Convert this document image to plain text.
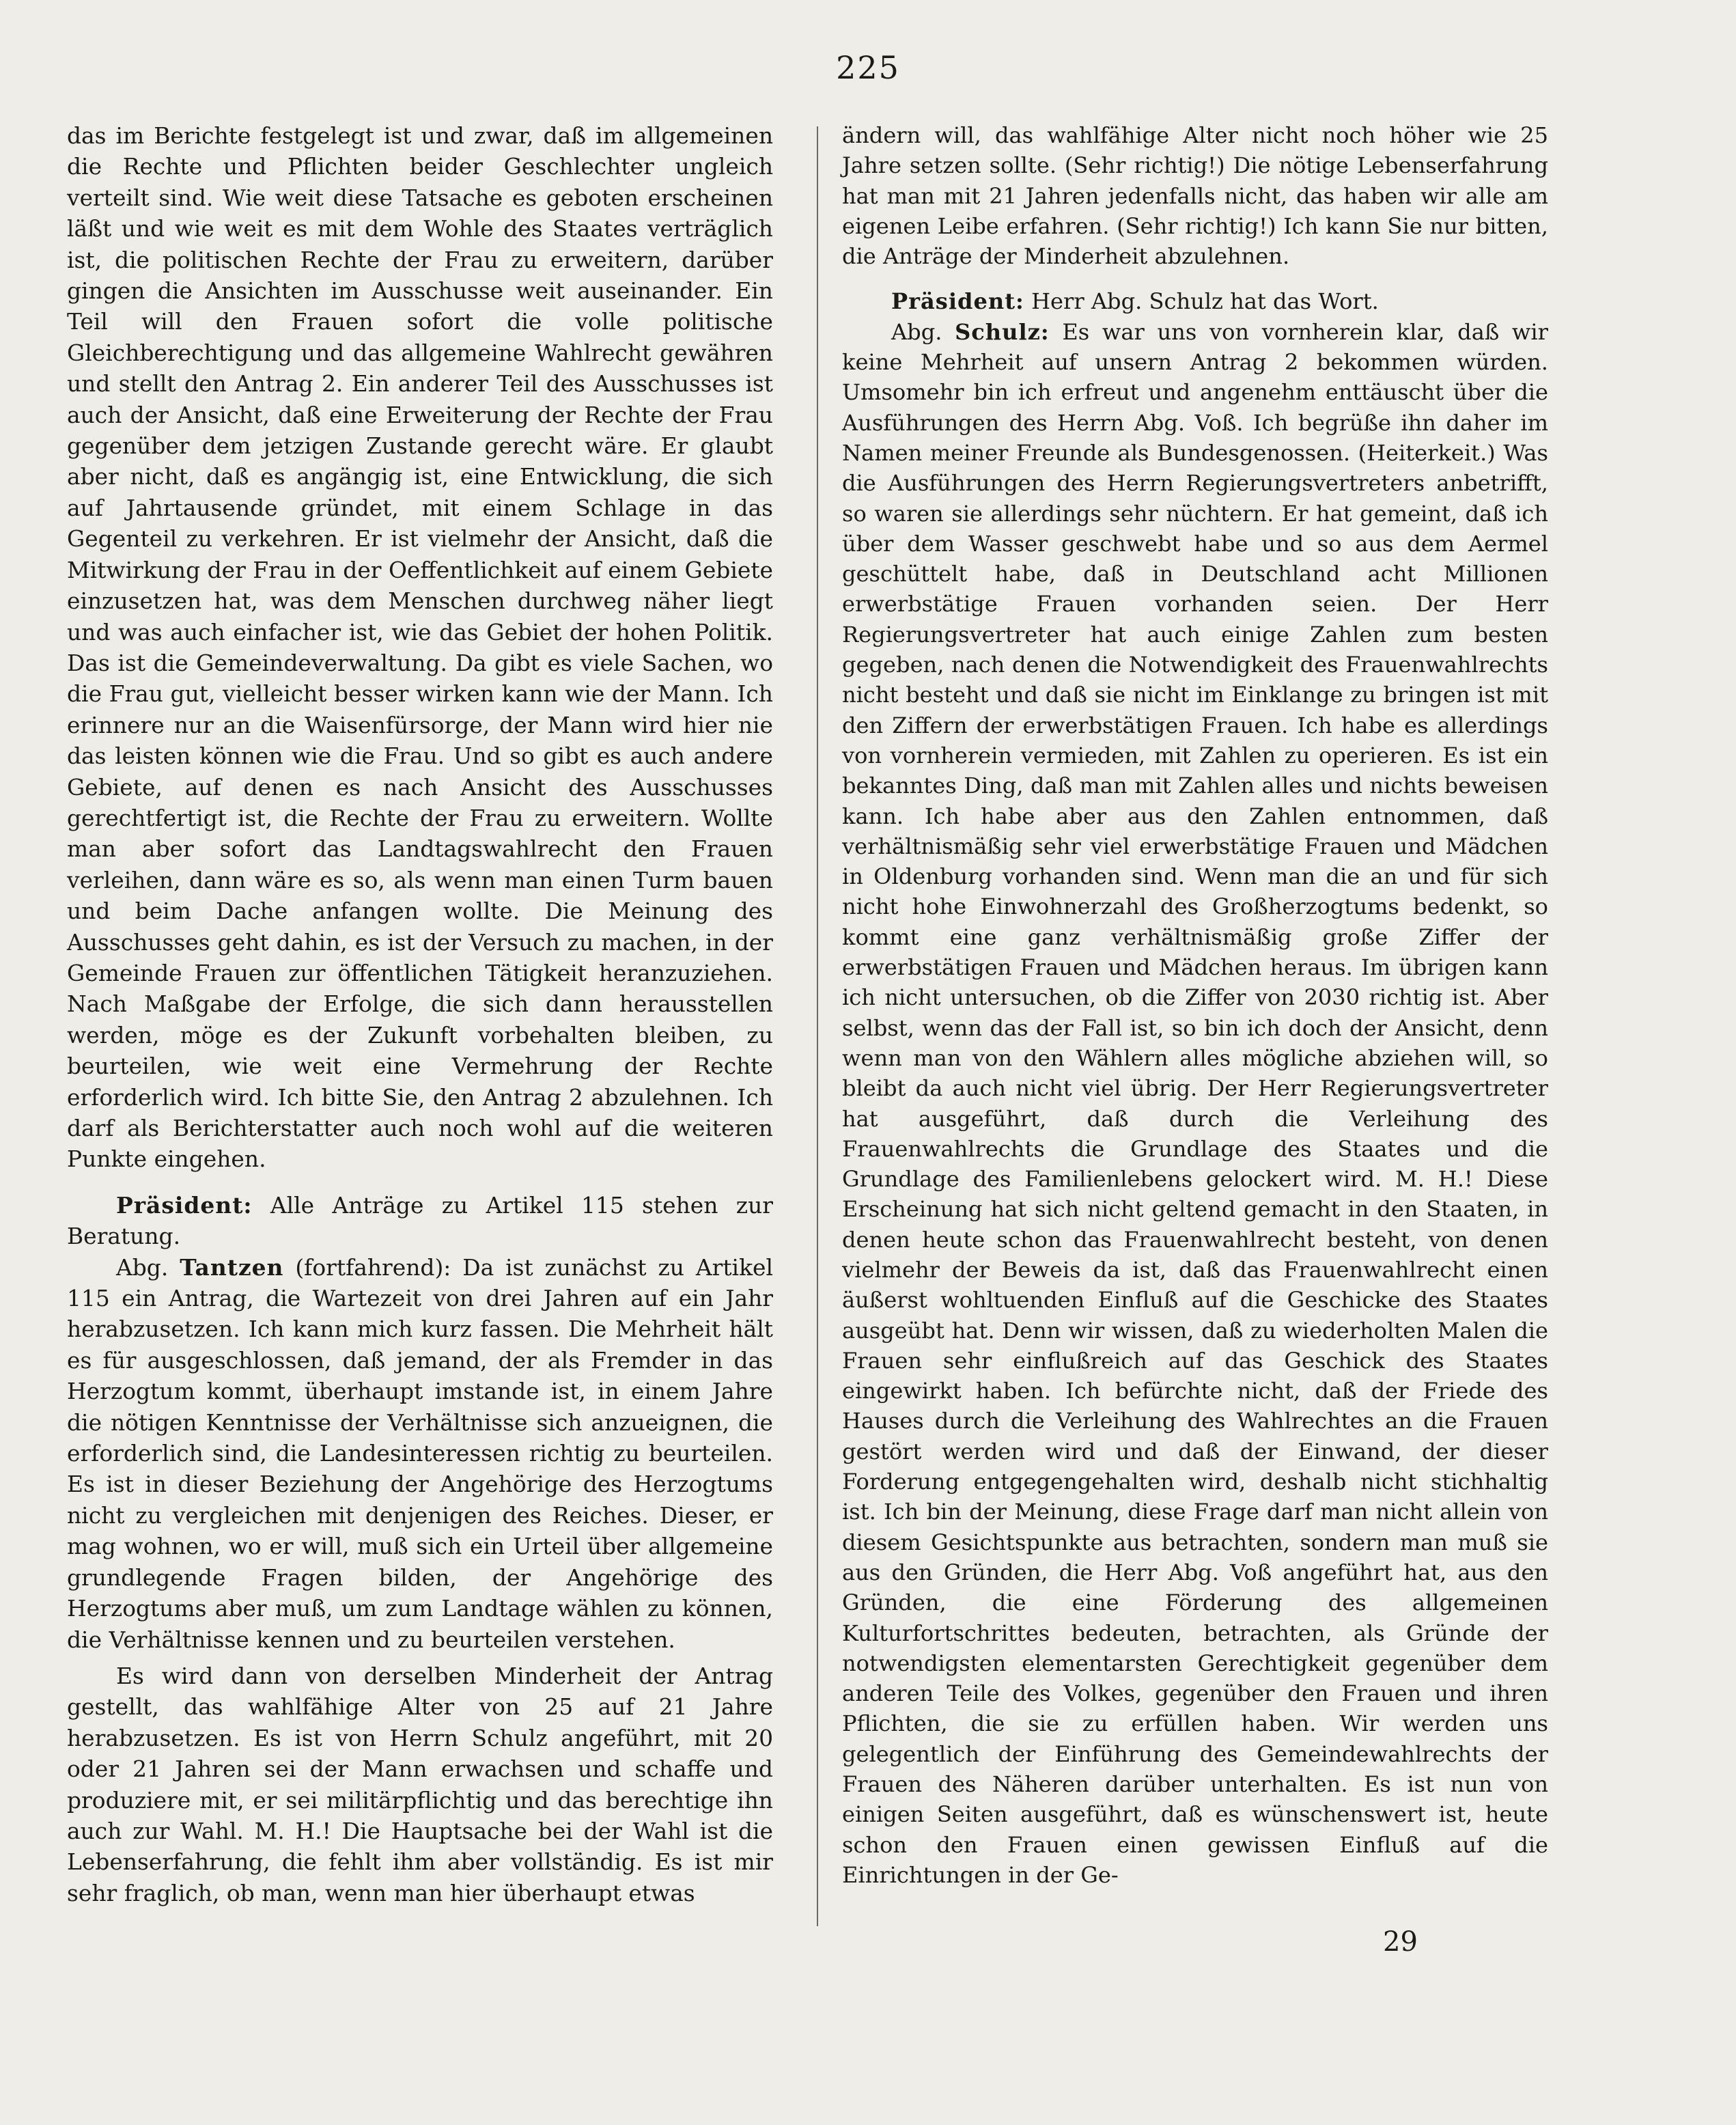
225

das im Berichte festgelegt ist und zwar, daß im allgemeinen die Rechte und Pflichten beider Geschlechter ungleich verteilt sind. Wie weit diese Tatsache es geboten erscheinen läßt und wie weit es mit dem Wohle des Staates verträglich ist, die politischen Rechte der Frau zu erweitern, darüber gingen die Ansichten im Ausschusse weit auseinander. Ein Teil will den Frauen sofort die volle politische Gleichberechtigung und das allgemeine Wahlrecht gewähren und stellt den Antrag 2. Ein anderer Teil des Ausschusses ist auch der Ansicht, daß eine Erweiterung der Rechte der Frau gegenüber dem jetzigen Zustande gerecht wäre. Er glaubt aber nicht, daß es angängig ist, eine Entwicklung, die sich auf Jahrtausende gründet, mit einem Schlage in das Gegenteil zu verkehren. Er ist vielmehr der Ansicht, daß die Mitwirkung der Frau in der Oeffentlichkeit auf einem Gebiete einzusetzen hat, was dem Menschen durchweg näher liegt und was auch einfacher ist, wie das Gebiet der hohen Politik. Das ist die Gemeindeverwaltung. Da gibt es viele Sachen, wo die Frau gut, vielleicht besser wirken kann wie der Mann. Ich erinnere nur an die Waisenfürsorge, der Mann wird hier nie das leisten können wie die Frau. Und so gibt es auch andere Gebiete, auf denen es nach Ansicht des Ausschusses gerechtfertigt ist, die Rechte der Frau zu erweitern. Wollte man aber sofort das Landtagswahlrecht den Frauen verleihen, dann wäre es so, als wenn man einen Turm bauen und beim Dache anfangen wollte. Die Meinung des Ausschusses geht dahin, es ist der Versuch zu machen, in der Gemeinde Frauen zur öffentlichen Tätigkeit heranzuziehen. Nach Maßgabe der Erfolge, die sich dann herausstellen werden, möge es der Zukunft vorbehalten bleiben, zu beurteilen, wie weit eine Vermehrung der Rechte erforderlich wird. Ich bitte Sie, den Antrag 2 abzulehnen. Ich darf als Berichterstatter auch noch wohl auf die weiteren Punkte eingehen.

Präsident: Alle Anträge zu Artikel 115 stehen zur Beratung.

Abg. Tantzen (fortfahrend): Da ist zunächst zu Artikel 115 ein Antrag, die Wartezeit von drei Jahren auf ein Jahr herabzusetzen. Ich kann mich kurz fassen. Die Mehrheit hält es für ausgeschlossen, daß jemand, der als Fremder in das Herzogtum kommt, überhaupt imstande ist, in einem Jahre die nötigen Kenntnisse der Verhältnisse sich anzueignen, die erforderlich sind, die Landesinteressen richtig zu beurteilen. Es ist in dieser Beziehung der Angehörige des Herzogtums nicht zu vergleichen mit denjenigen des Reiches. Dieser, er mag wohnen, wo er will, muß sich ein Urteil über allgemeine grundlegende Fragen bilden, der Angehörige des Herzogtums aber muß, um zum Landtage wählen zu können, die Verhältnisse kennen und zu beurteilen verstehen.

Es wird dann von derselben Minderheit der Antrag gestellt, das wahlfähige Alter von 25 auf 21 Jahre herabzusetzen. Es ist von Herrn Schulz angeführt, mit 20 oder 21 Jahren sei der Mann erwachsen und schaffe und produziere mit, er sei militärpflichtig und das berechtige ihn auch zur Wahl. M. H.! Die Hauptsache bei der Wahl ist die Lebenserfahrung, die fehlt ihm aber vollständig. Es ist mir sehr fraglich, ob man, wenn man hier überhaupt etwas

ändern will, das wahlfähige Alter nicht noch höher wie 25 Jahre setzen sollte. (Sehr richtig!) Die nötige Lebenserfahrung hat man mit 21 Jahren jedenfalls nicht, das haben wir alle am eigenen Leibe erfahren. (Sehr richtig!) Ich kann Sie nur bitten, die Anträge der Minderheit abzulehnen.

Präsident: Herr Abg. Schulz hat das Wort.

Abg. Schulz: Es war uns von vornherein klar, daß wir keine Mehrheit auf unsern Antrag 2 bekommen würden. Umsomehr bin ich erfreut und angenehm enttäuscht über die Ausführungen des Herrn Abg. Voß. Ich begrüße ihn daher im Namen meiner Freunde als Bundesgenossen. (Heiterkeit.) Was die Ausführungen des Herrn Regierungsvertreters anbetrifft, so waren sie allerdings sehr nüchtern. Er hat gemeint, daß ich über dem Wasser geschwebt habe und so aus dem Aermel geschüttelt habe, daß in Deutschland acht Millionen erwerbstätige Frauen vorhanden seien. Der Herr Regierungsvertreter hat auch einige Zahlen zum besten gegeben, nach denen die Notwendigkeit des Frauenwahlrechts nicht besteht und daß sie nicht im Einklange zu bringen ist mit den Ziffern der erwerbstätigen Frauen. Ich habe es allerdings von vornherein vermieden, mit Zahlen zu operieren. Es ist ein bekanntes Ding, daß man mit Zahlen alles und nichts beweisen kann. Ich habe aber aus den Zahlen entnommen, daß verhältnismäßig sehr viel erwerbstätige Frauen und Mädchen in Oldenburg vorhanden sind. Wenn man die an und für sich nicht hohe Einwohnerzahl des Großherzogtums bedenkt, so kommt eine ganz verhältnismäßig große Ziffer der erwerbstätigen Frauen und Mädchen heraus. Im übrigen kann ich nicht untersuchen, ob die Ziffer von 2030 richtig ist. Aber selbst, wenn das der Fall ist, so bin ich doch der Ansicht, denn wenn man von den Wählern alles mögliche abziehen will, so bleibt da auch nicht viel übrig. Der Herr Regierungsvertreter hat ausgeführt, daß durch die Verleihung des Frauenwahlrechts die Grundlage des Staates und die Grundlage des Familienlebens gelockert wird. M. H.! Diese Erscheinung hat sich nicht geltend gemacht in den Staaten, in denen heute schon das Frauenwahlrecht besteht, von denen vielmehr der Beweis da ist, daß das Frauenwahlrecht einen äußerst wohltuenden Einfluß auf die Geschicke des Staates ausgeübt hat. Denn wir wissen, daß zu wiederholten Malen die Frauen sehr einflußreich auf das Geschick des Staates eingewirkt haben. Ich befürchte nicht, daß der Friede des Hauses durch die Verleihung des Wahlrechtes an die Frauen gestört werden wird und daß der Einwand, der dieser Forderung entgegengehalten wird, deshalb nicht stichhaltig ist. Ich bin der Meinung, diese Frage darf man nicht allein von diesem Gesichtspunkte aus betrachten, sondern man muß sie aus den Gründen, die Herr Abg. Voß angeführt hat, aus den Gründen, die eine Förderung des allgemeinen Kulturfortschrittes bedeuten, betrachten, als Gründe der notwendigsten elementarsten Gerechtigkeit gegenüber dem anderen Teile des Volkes, gegenüber den Frauen und ihren Pflichten, die sie zu erfüllen haben. Wir werden uns gelegentlich der Einführung des Gemeindewahlrechts der Frauen des Näheren darüber unterhalten. Es ist nun von einigen Seiten ausgeführt, daß es wünschenswert ist, heute schon den Frauen einen gewissen Einfluß auf die Einrichtungen in der Ge-

29
